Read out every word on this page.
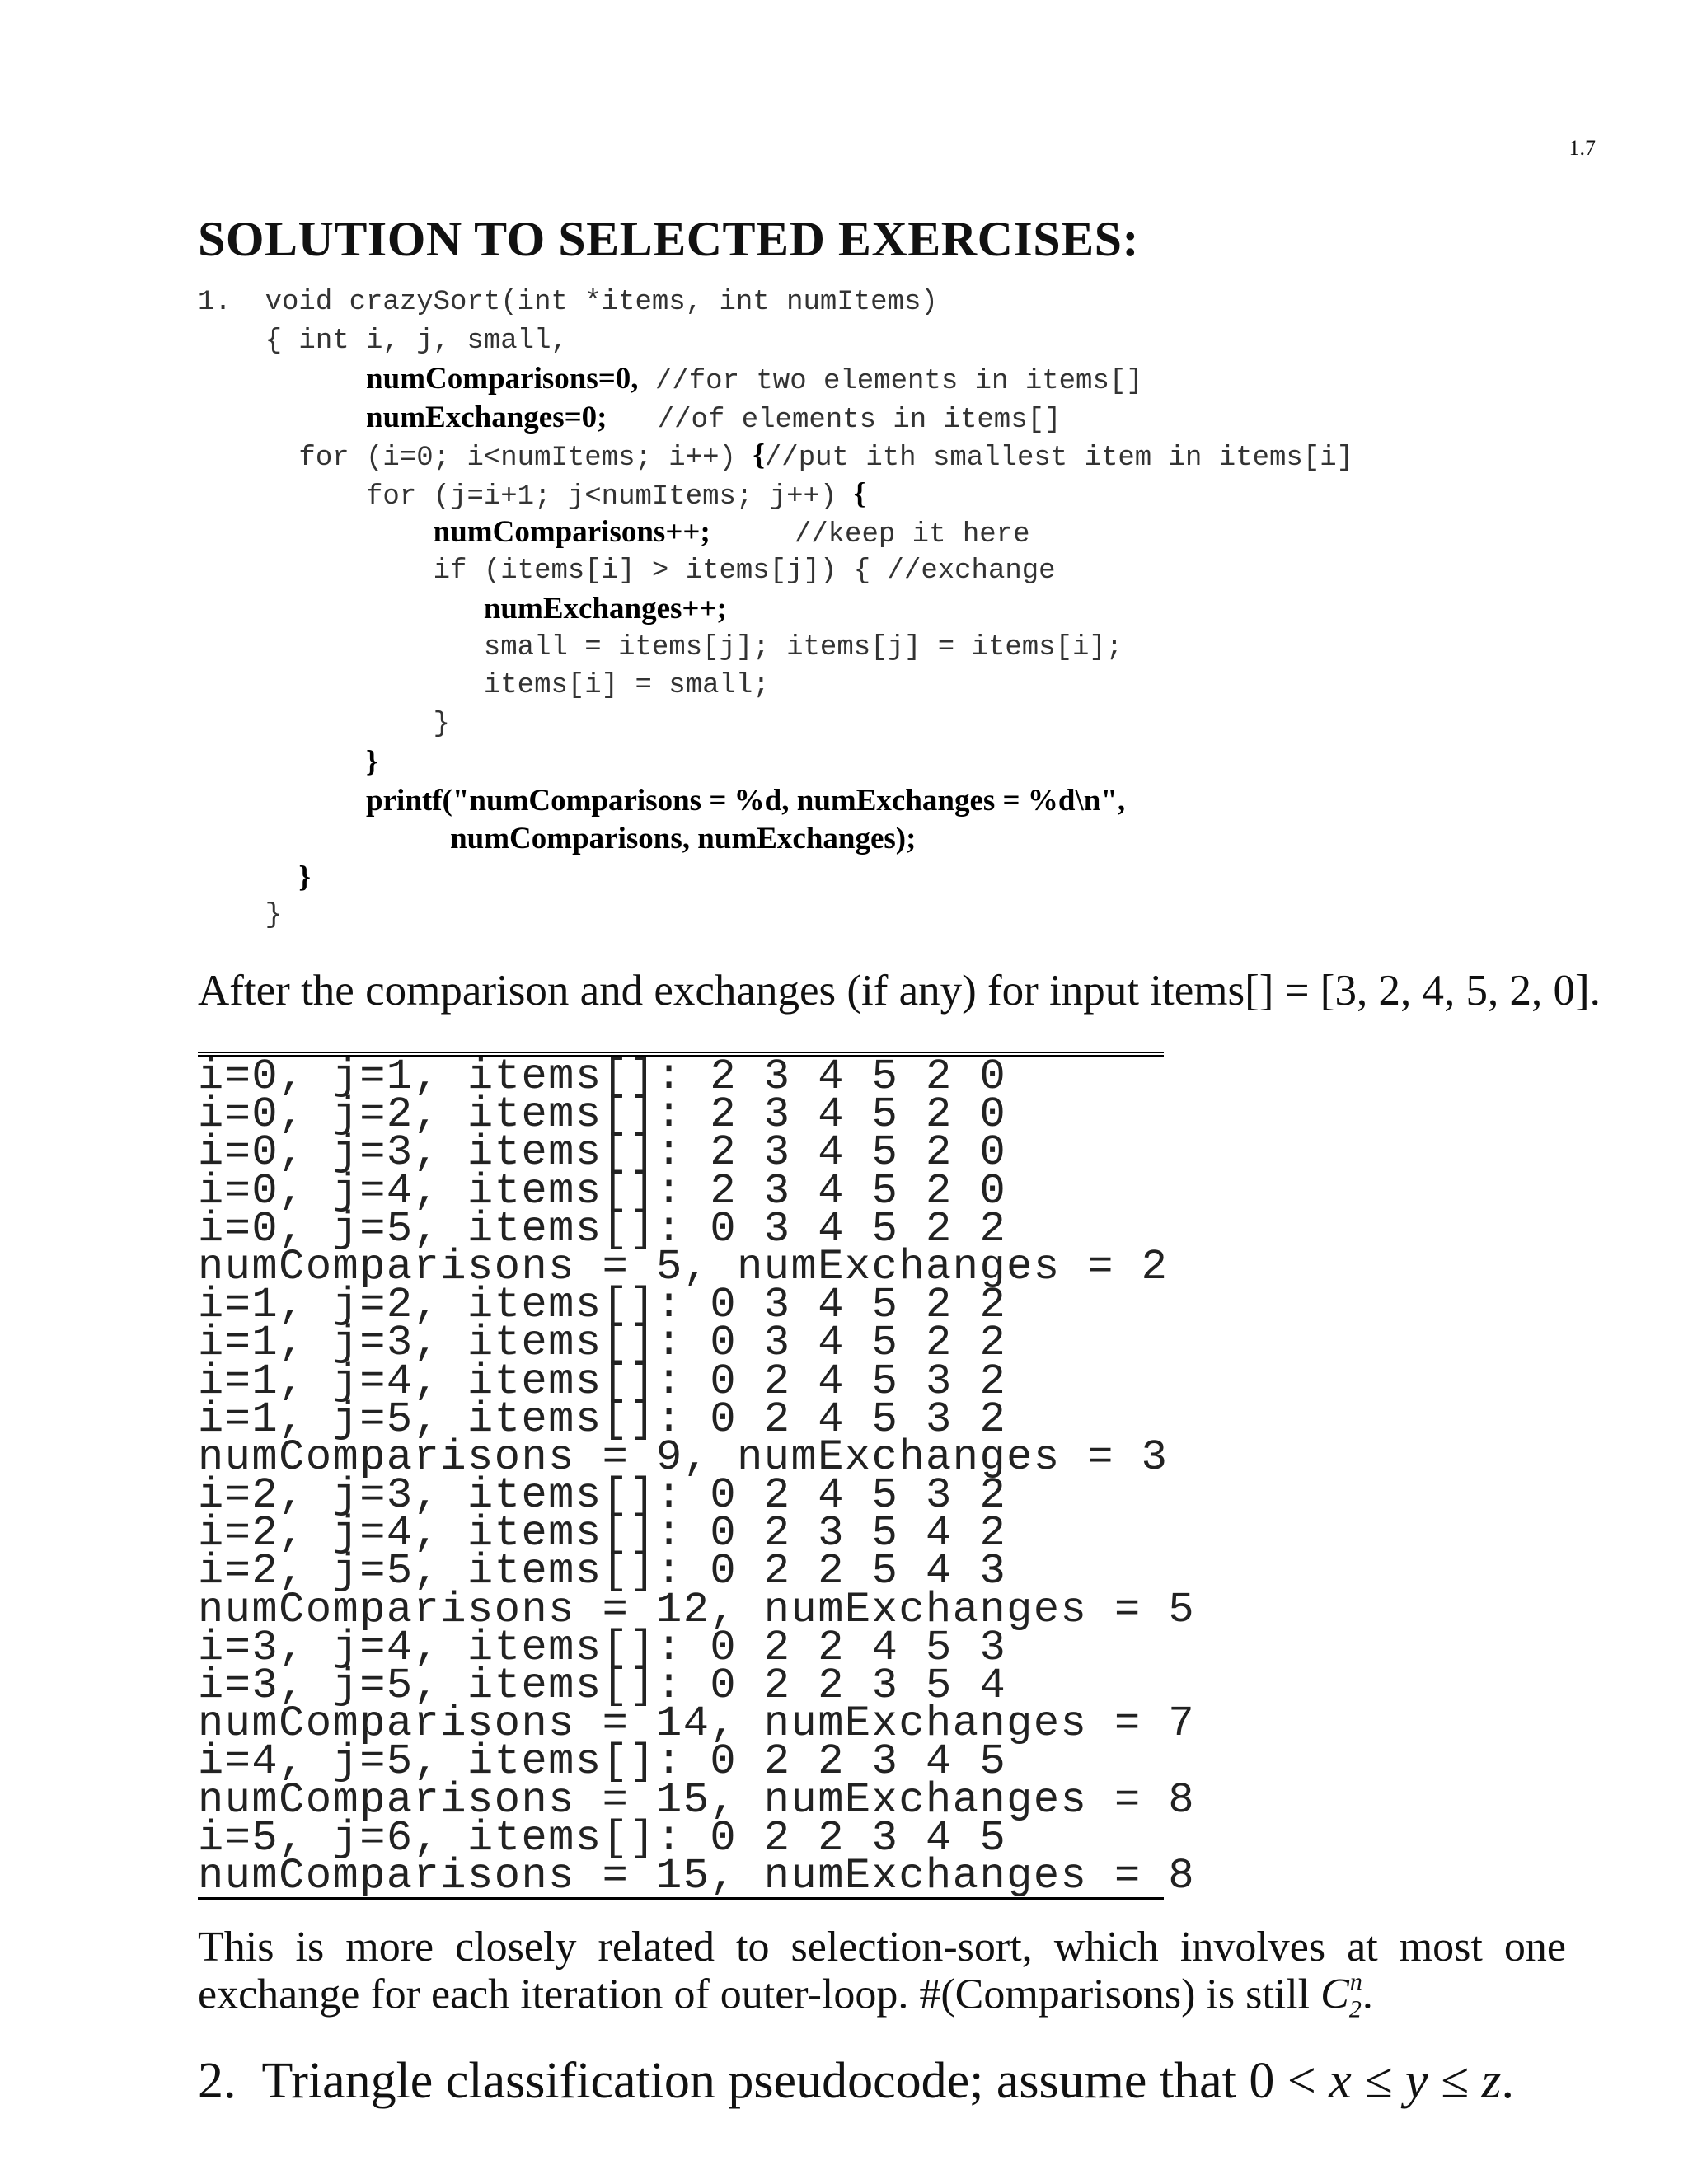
1.7
SOLUTION TO SELECTED EXERCISES:
1.  void crazySort(int *items, int numItems)
{ int i, j, small,
numComparisons=0, //for two elements in items[]
numExchanges=0;   //of elements in items[]
for (i=0; i<numItems; i++) {//put ith smallest item in items[i]
for (j=i+1; j<numItems; j++) {
numComparisons++;     //keep it here
if (items[i] > items[j]) { //exchange
numExchanges++;
small = items[j]; items[j] = items[i];
items[i] = small;
}
}
printf("numComparisons = %d, numExchanges = %d\n",
numComparisons, numExchanges);
}
}
After the comparison and exchanges (if any) for input items[] = [3, 2, 4, 5, 2, 0].
i=0, j=1, items[]: 2 3 4 5 2 0
i=0, j=2, items[]: 2 3 4 5 2 0
i=0, j=3, items[]: 2 3 4 5 2 0
i=0, j=4, items[]: 2 3 4 5 2 0
i=0, j=5, items[]: 0 3 4 5 2 2
numComparisons = 5, numExchanges = 2
i=1, j=2, items[]: 0 3 4 5 2 2
i=1, j=3, items[]: 0 3 4 5 2 2
i=1, j=4, items[]: 0 2 4 5 3 2
i=1, j=5, items[]: 0 2 4 5 3 2
numComparisons = 9, numExchanges = 3
i=2, j=3, items[]: 0 2 4 5 3 2
i=2, j=4, items[]: 0 2 3 5 4 2
i=2, j=5, items[]: 0 2 2 5 4 3
numComparisons = 12, numExchanges = 5
i=3, j=4, items[]: 0 2 2 4 5 3
i=3, j=5, items[]: 0 2 2 3 5 4
numComparisons = 14, numExchanges = 7
i=4, j=5, items[]: 0 2 2 3 4 5
numComparisons = 15, numExchanges = 8
i=5, j=6, items[]: 0 2 2 3 4 5
numComparisons = 15, numExchanges = 8
This is more closely related to selection-sort, which involves at most one exchange for each iteration of outer-loop. #(Comparisons) is still $C_2^n$.
2. Triangle classification pseudocode; assume that 0 < x ≤ y ≤ z.
